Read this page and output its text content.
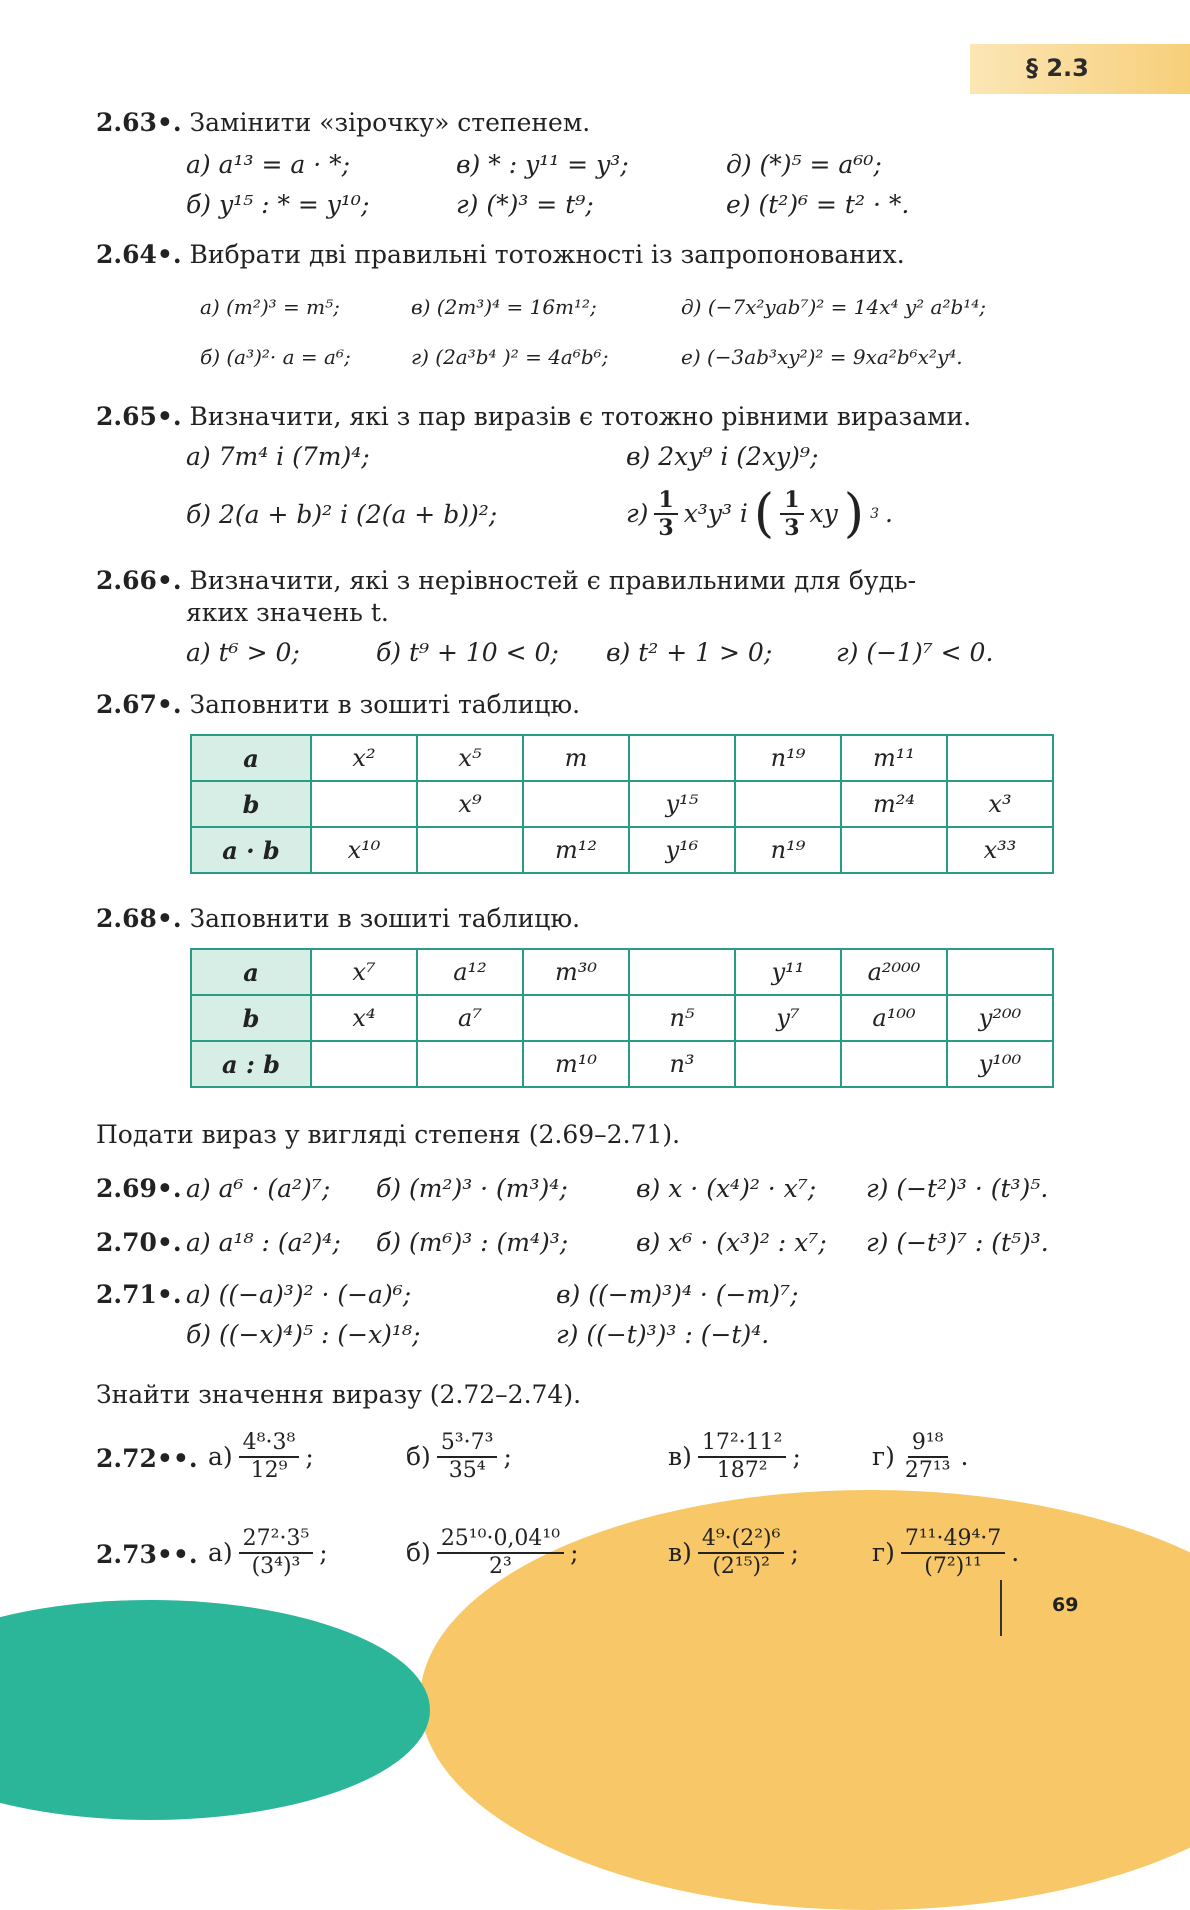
§ 2.3
2.63•. Замінити «зірочку» степенем.
а) a¹³ = a · *;	в) * : y¹¹ = y³;	д) (*)⁵ = a⁶⁰;
б) y¹⁵ : * = y¹⁰;	г) (*)³ = t⁹;	е) (t²)⁶ = t² · *.
2.64•. Вибрати дві правильні тотожності із запропонованих.
а) (m²)³ = m⁵;	в) (2m³)⁴ = 16m¹²;	д) (−7x²yab⁷)² = 14x⁴ y² a²b¹⁴;
б) (a³)²· a = a⁶;	г) (2a³b⁴ )² = 4a⁶b⁶;	е) (−3ab³xy²)² = 9xa²b⁶x²y⁴.
2.65•. Визначити, які з пар виразів є тотожно рівними виразами.
а) 7m⁴ і (7m)⁴;	в) 2xy⁹ і (2xy)⁹;
б) 2(a + b)² і (2(a + b))²;	$г) \frac{1}{3} x^3y^3$ і ( $\frac{1}{3}$ xy ) 3 .
2.66•. Визначити, які з нерівностей є правильними для будь-
яких значень t.
а) t⁶ > 0;	б) t⁹ + 10 < 0; в) t² + 1 > 0;	г) (−1)⁷ < 0.
2.67•. Заповнити в зошиті таблицю.
a	x²	x⁵	m		n¹⁹	m¹¹	
b		x⁹		y¹⁵		m²⁴	x³
a · b	x¹⁰		m¹²	y¹⁶	n¹⁹		x³³
2.68•. Заповнити в зошиті таблицю.
a	x⁷	a¹²	m³⁰		y¹¹	a²⁰⁰⁰	
b	x⁴	a⁷		n⁵	y⁷	a¹⁰⁰	y²⁰⁰
a : b			m¹⁰	n³			y¹⁰⁰
Подати вираз у вигляді степеня (2.69–2.71).
2.69•. а) a⁶ · (a²)⁷; б) (m²)³ · (m³)⁴;	в) x · (x⁴)² · x⁷; г) (−t²)³ · (t³)⁵.
2.70•. а) a¹⁸ : (a²)⁴; б) (m⁶)³ : (m⁴)³;	в) x⁶ · (x³)² : x⁷; г) (−t³)⁷ : (t⁵)³.
2.71•. а) ((−a)³)² · (−a)⁶;	в) ((−m)³)⁴ · (−m)⁷;
б) ((−x)⁴)⁵ : (−x)¹⁸;	г) ((−t)³)³ : (−t)⁴.
Знайти значення виразу (2.72–2.74).
2.72••. $а) \frac{\text{4⁸·3⁸}}{\text{12⁹}}$ ;	$б) \frac{\text{5³·7³}}{\text{35⁴}}$ ;	$в) \frac{\text{17²·11²}}{\text{187²}}$ ;	$г) \frac{\text{9¹⁸}}{\text{27¹³}}$ .
2.73••. $а) \frac{\text{27²·3⁵}}{\text{(3⁴)³}}$ ;	$б) \frac{\text{25¹⁰·0,04¹⁰}}{\text{2³}}$ ;	$в) \frac{\text{4⁹·(2²)⁶}}{\text{(2¹⁵)²}}$ ;	$г) \frac{\text{7¹¹·49⁴·7}}{\text{(7²)¹¹}}$ .
69
